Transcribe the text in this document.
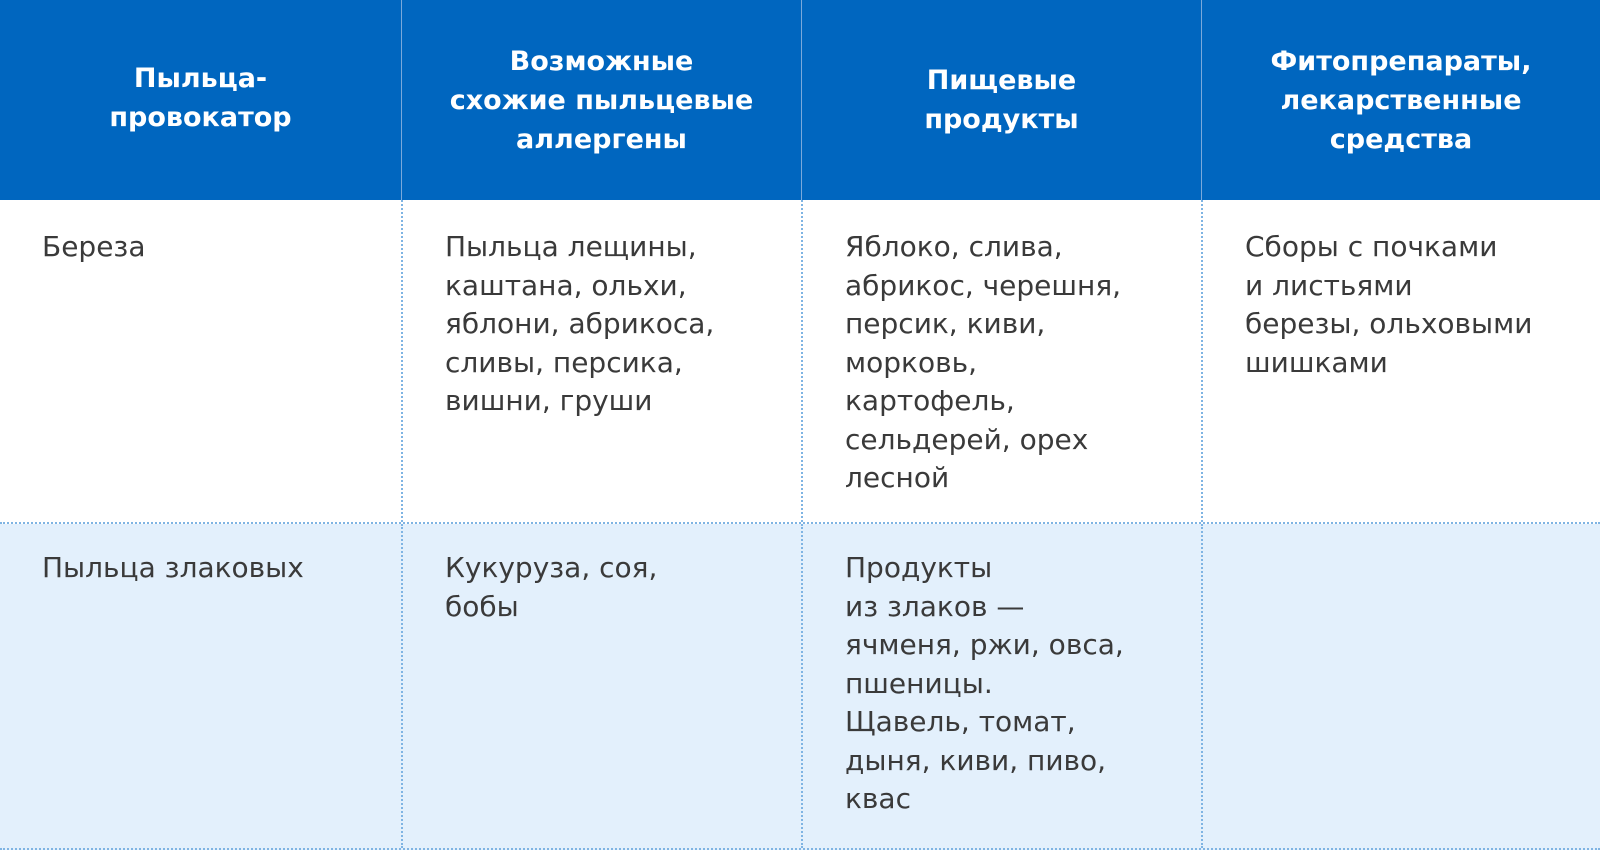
Пыльца-
провокатор
Возможные
схожие пыльцевые
аллергены
Пищевые
продукты
Фитопрепараты,
лекарственные
средства
Береза	Пыльца лещины,
каштана, ольхи,
яблони, абрикоса,
сливы, персика,
вишни, груши
Яблоко, слива,
абрикос, черешня,
персик, киви,
морковь,
картофель,
сельдерей, орех
лесной
Сборы с почками
и листьями
березы, ольховыми
шишками
Пыльца злаковых	Кукуруза, соя,
бобы
Продукты
из злаков —
ячменя, ржи, овса,
пшеницы.
Щавель, томат,
дыня, киви, пиво,
квас
